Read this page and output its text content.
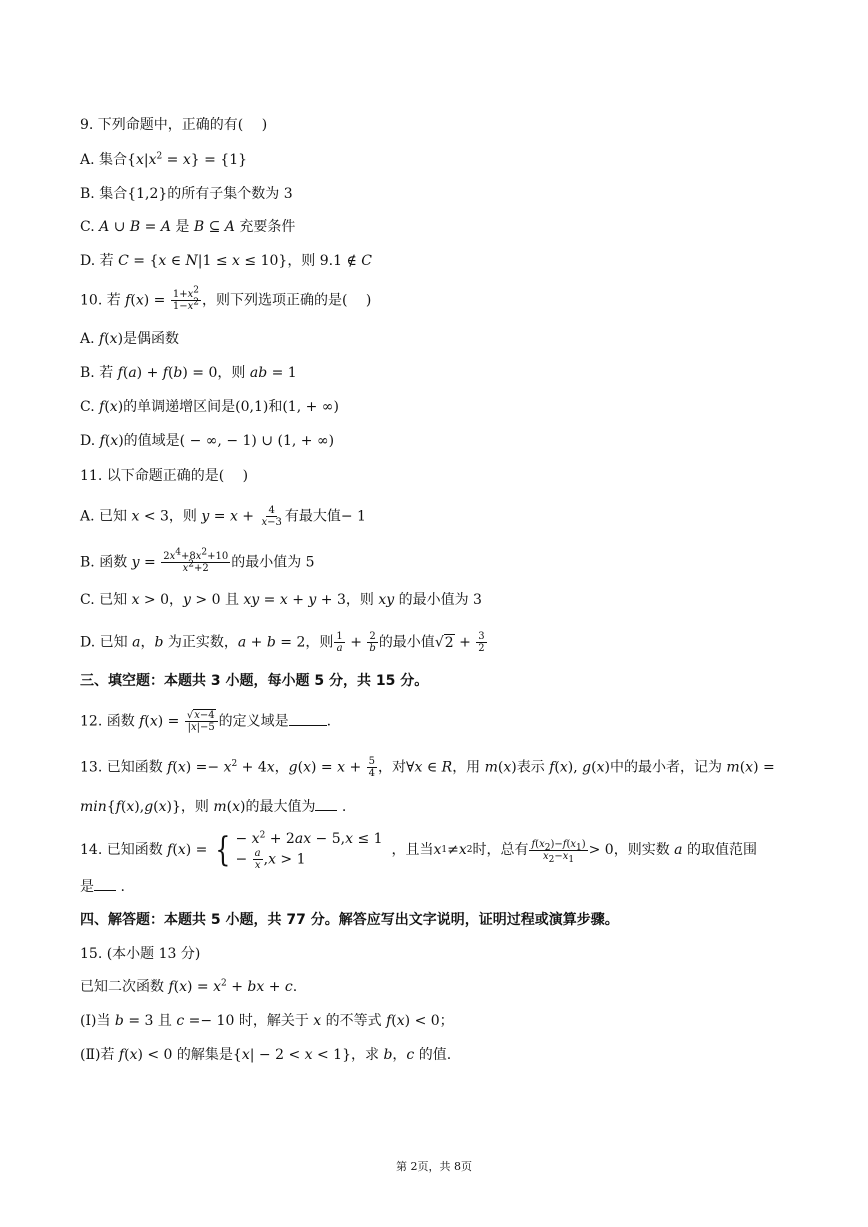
9. 下列命题中，正确的有(　 )
A. 集合$\{x|x^2 = x\} = \{1\}$
B. 集合{1,2}的所有子集个数为 3
C. A ∪ B = A 是 B ⊆ A 充要条件
D. 若 C = {x ∈ N|1 ≤ x ≤ 10}，则 9.1 ∉ C
10. 若 $f(x) = \frac{1+x2}{1-x2}$ ，则下列选项正确的是(　 )
A. f(x)是偶函数
B. 若 f(a) + f(b) = 0，则 ab = 1
C. f(x)的单调递增区间是(0,1)和(1, + ∞)
D. f(x)的值域是( − ∞, − 1) ∪ (1, + ∞)
11. 以下命题正确的是(　 )
A. 已知 x < 3，则 $y = x + \frac{4}{x-3}$ 有最大值− 1
B. 函数 $y = \frac{2x4+8x2+10}{x2+2}$ 的最小值为 5
C. 已知 x > 0，y > 0 且 xy = x + y + 3，则 xy 的最小值为 3
D. 已知 a，b 为正实数，a + b = 2，则 $\frac{1}{a} + \frac{2}{b}$ 的最小值$√2 + \frac{3}{2}$
三、填空题：本题共 3 小题，每小题 5 分，共 15 分。
12. 函数 $f(x) = \frac{√x-4}{|x|-5}$ 的定义域是	.
13. 已知函数 $f(x) =- x^2 + 4x$，$g(x) = x + \frac{5}{4}$ ，对∀x ∈ R，用 m(x)表示 f(x), g(x)中的最小者，记为 m(x) =
min{f(x),g(x)}，则 m(x)的最大值为 .
14. 已知函数
f ( x ) = { − $x^2 + 2ax - 5,x \le 1$
− $\frac{a}{x} ,x > 1$

，且当 x 1 ≠ x 2 时，总有 $\frac{f(x2)-f(x1)}{x2-x1} > 0$ ，则实数
a
的取值范围
是 .
四、解答题：本题共 5 小题，共 77 分。解答应写出文字说明，证明过程或演算步骤。
15. (本小题 13 分)
已知二次函数 $f(x) = x^2$ + bx + c.
(Ⅰ)当 b = 3 且 c =− 10 时，解关于 x 的不等式 f(x) < 0；
(Ⅱ)若 f(x) < 0 的解集是{x| − 2 < x < 1}，求 b，c 的值.
第 2页，共 8页
